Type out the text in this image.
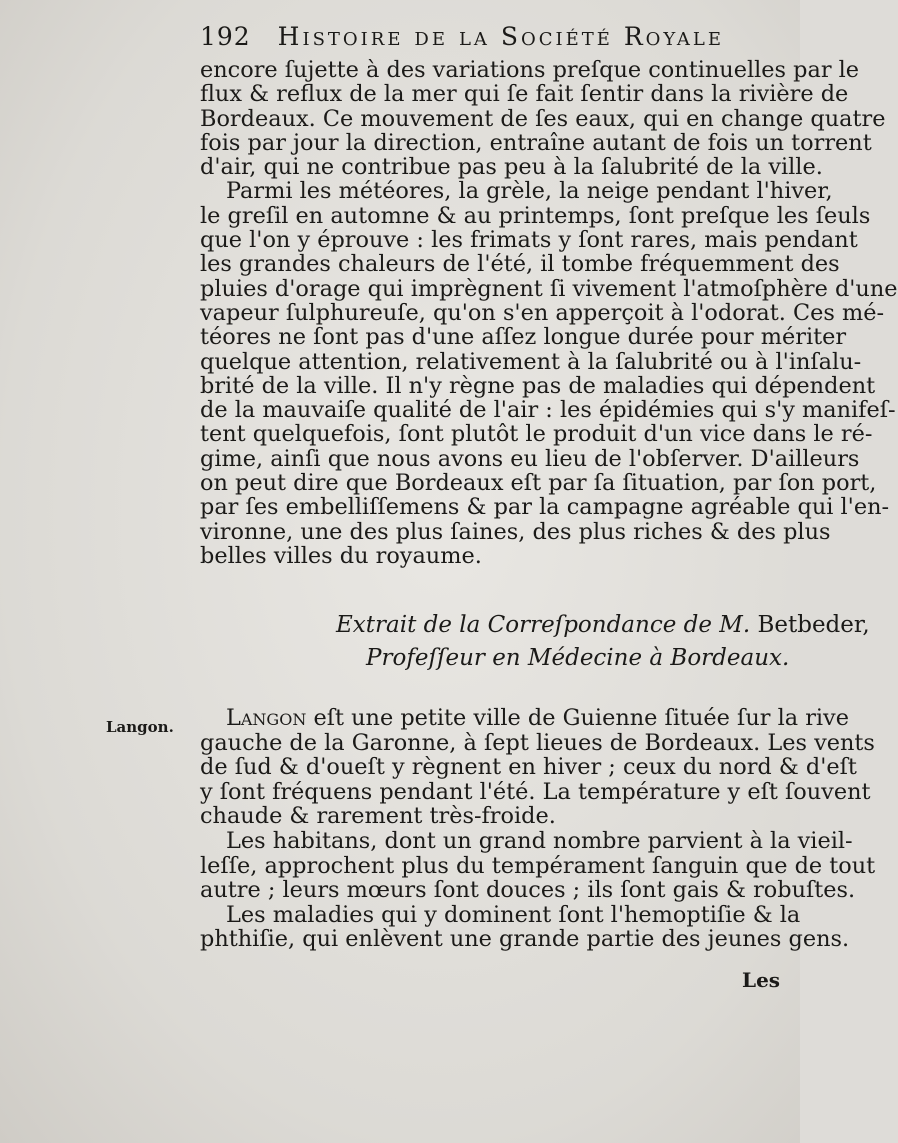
192 Histoire de la Société Royale
encore ſujette à des variations preſque continuelles par le
flux & reflux de la mer qui ſe fait ſentir dans la rivière de
Bordeaux. Ce mouvement de ſes eaux, qui en change quatre
fois par jour la direction, entraîne autant de fois un torrent
d'air, qui ne contribue pas peu à la ſalubrité de la ville.
Parmi les météores, la grèle, la neige pendant l'hiver,
le greſil en automne & au printemps, ſont preſque les ſeuls
que l'on y éprouve : les frimats y ſont rares, mais pendant
les grandes chaleurs de l'été, il tombe fréquemment des
pluies d'orage qui imprègnent ſi vivement l'atmoſphère d'une
vapeur ſulphureuſe, qu'on s'en apperçoit à l'odorat. Ces mé-
téores ne ſont pas d'une aſſez longue durée pour mériter
quelque attention, relativement à la ſalubrité ou à l'inſalu-
brité de la ville. Il n'y règne pas de maladies qui dépendent
de la mauvaiſe qualité de l'air : les épidémies qui s'y manifeſ-
tent quelquefois, ſont plutôt le produit d'un vice dans le ré-
gime, ainſi que nous avons eu lieu de l'obſerver. D'ailleurs
on peut dire que Bordeaux eſt par ſa ſituation, par ſon port,
par ſes embelliſſemens & par la campagne agréable qui l'en-
vironne, une des plus ſaines, des plus riches & des plus
belles villes du royaume.
Extrait de la Correſpondance de M. Betbeder,
Profeſſeur en Médecine à Bordeaux.
Langon.	Langon eſt une petite ville de Guienne ſituée ſur la rive
gauche de la Garonne, à ſept lieues de Bordeaux. Les vents
de ſud & d'oueſt y règnent en hiver ; ceux du nord & d'eſt
y ſont fréquens pendant l'été. La température y eſt ſouvent
chaude & rarement très-froide.
Les habitans, dont un grand nombre parvient à la vieil-
leſſe, approchent plus du tempérament ſanguin que de tout
autre ; leurs mœurs ſont douces ; ils ſont gais & robuſtes.
Les maladies qui y dominent ſont l'hemoptiſie & la
phthiſie, qui enlèvent une grande partie des jeunes gens.
Les
